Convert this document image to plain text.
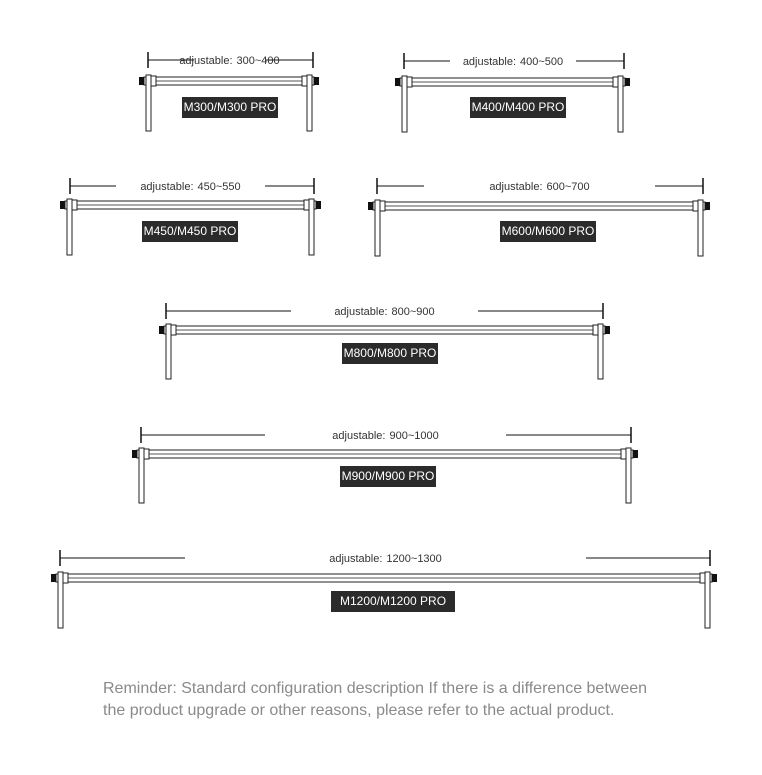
adjustable: 300~400
M300/M300 PRO
adjustable: 400~500
M400/M400 PRO
adjustable: 450~550
M450/M450 PRO
adjustable: 600~700
M600/M600 PRO
adjustable: 800~900
M800/M800 PRO
adjustable: 900~1000
M900/M900 PRO
adjustable: 1200~1300
M1200/M1200 PRO

Reminder: Standard configuration description If there is a difference between the product upgrade or other reasons, please refer to the actual product.
